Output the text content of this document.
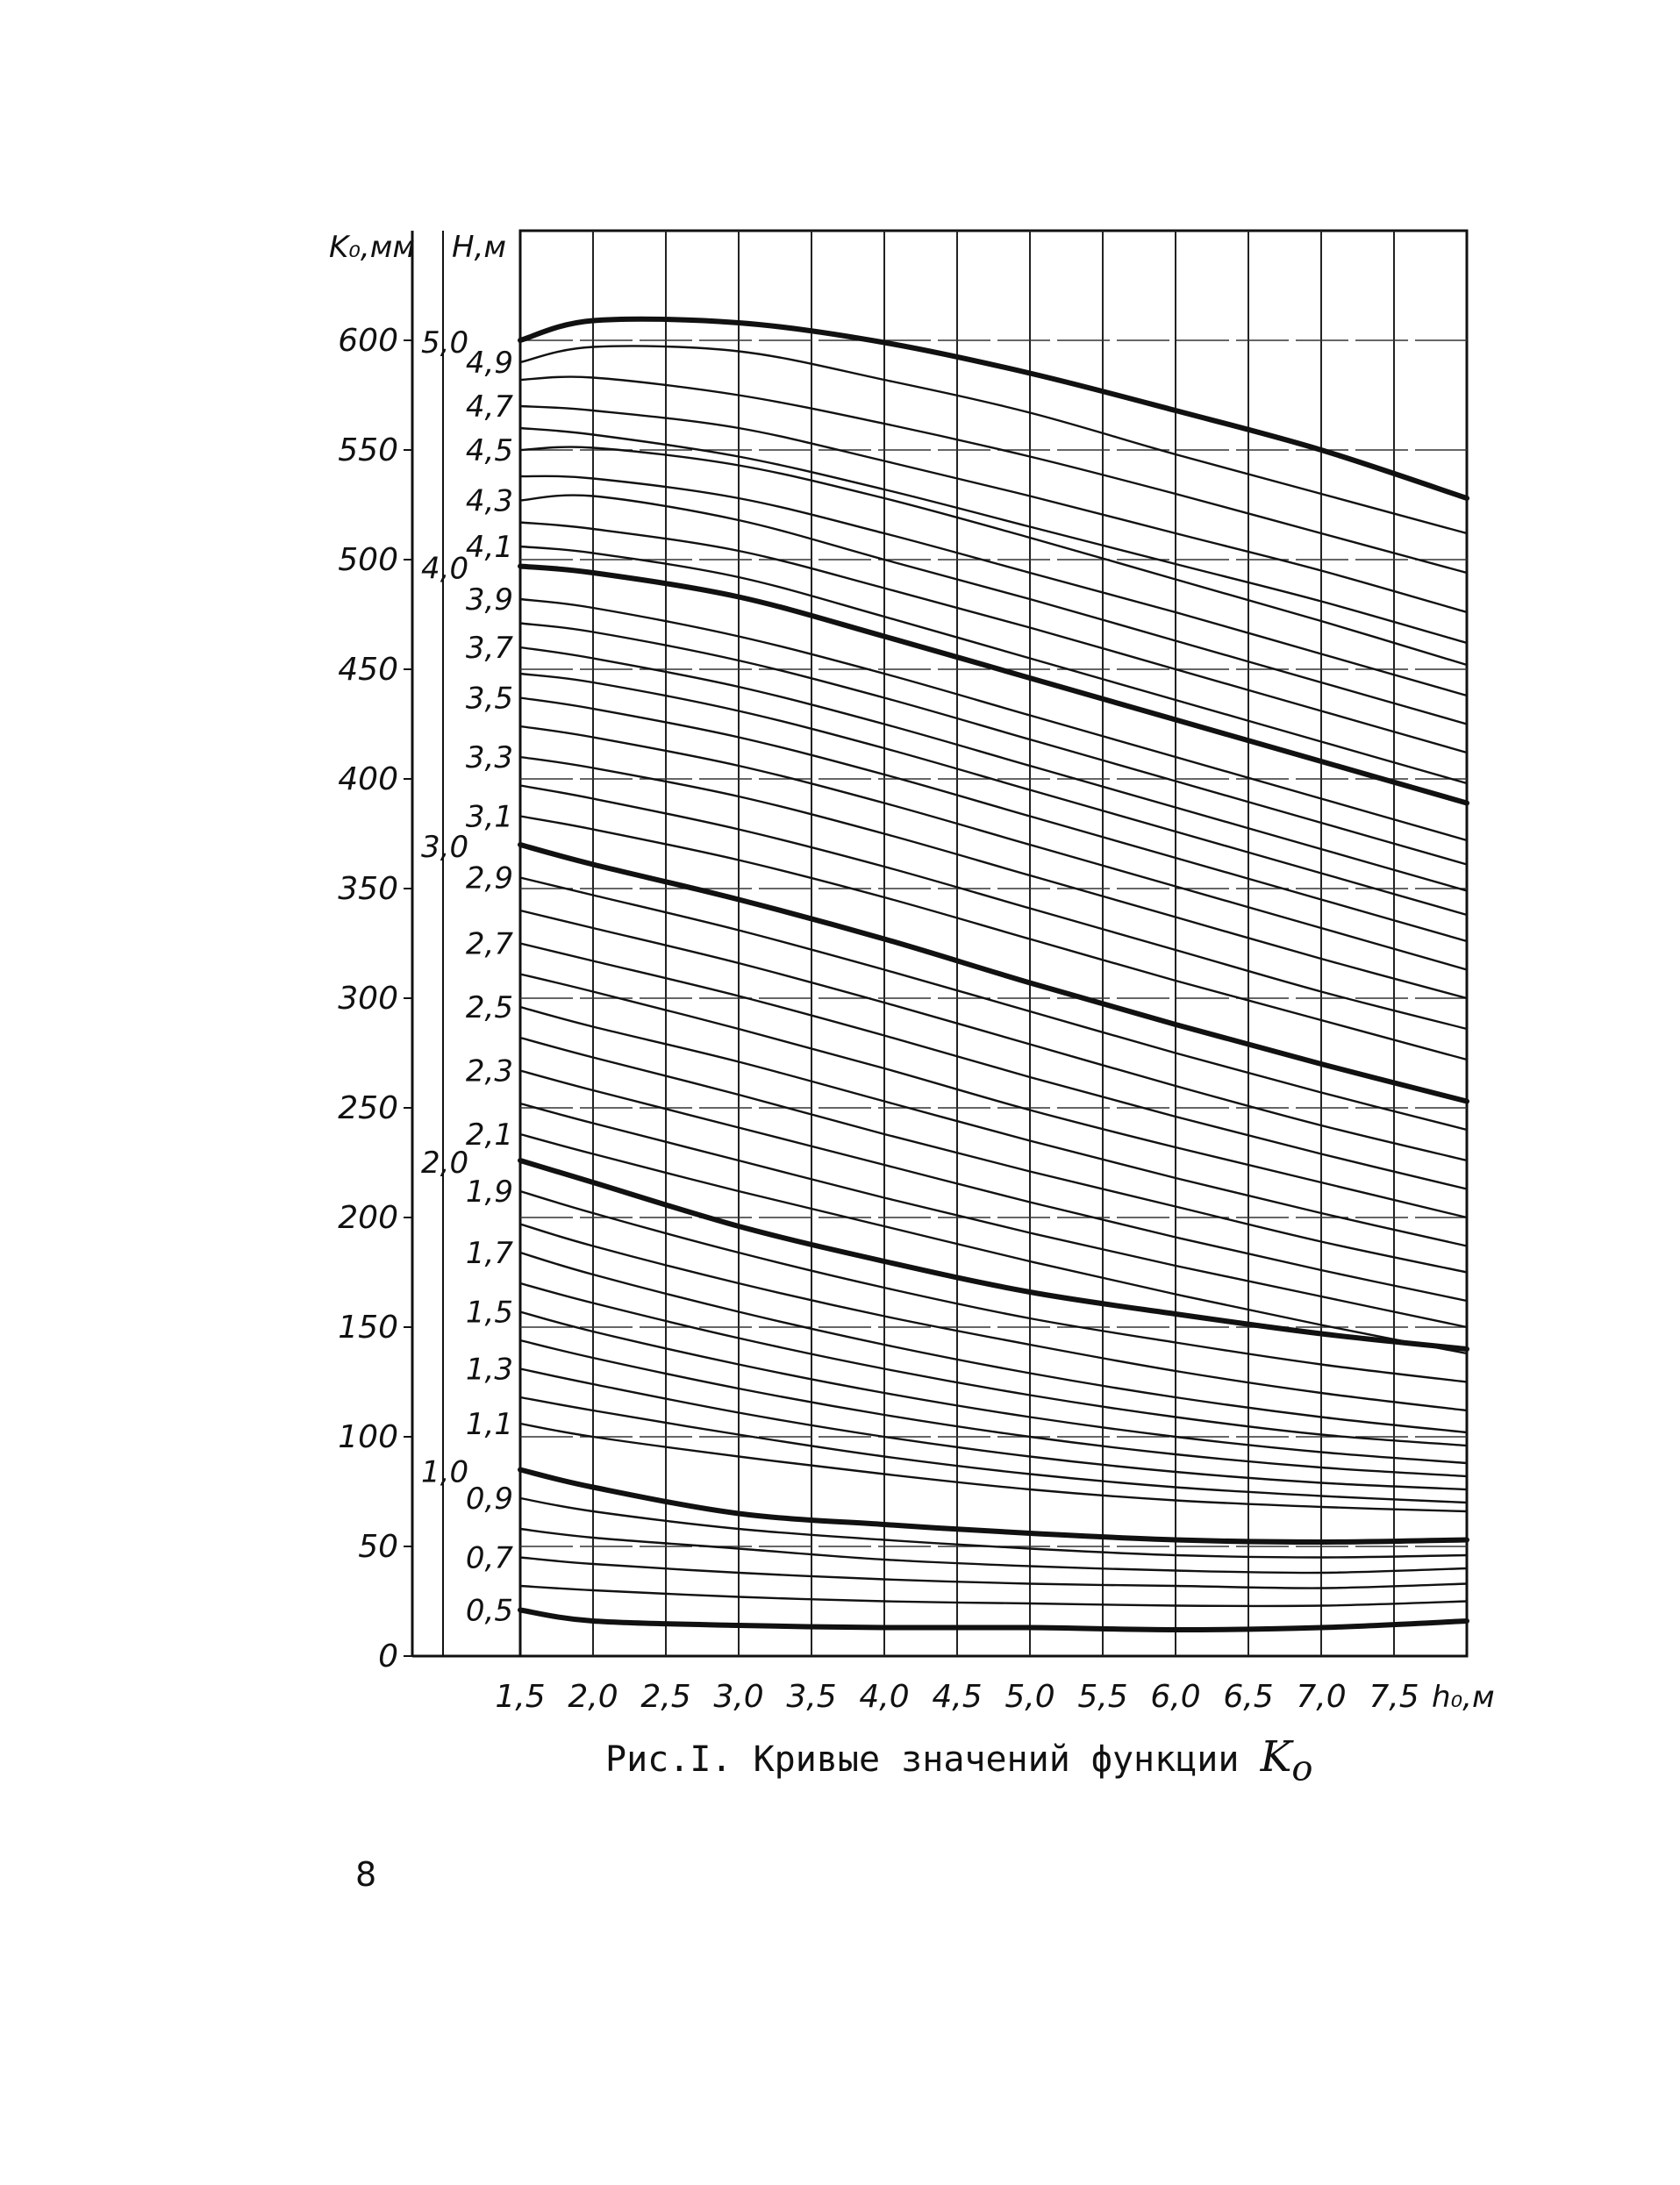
5,0
4,9
4,7
4,5
4,3
4,1
4,0
3,9
3,7
3,5
3,3
3,1
3,0
2,9
2,7
2,5
2,3
2,1
2,0
1,9
1,7
1,5
1,3
1,1
1,0
0,9
0,7
0,5
0
50
100
150
200
250
300
350
400
450
500
550
600
1,5 2,0 2,5 3,0 3,5 4,0 4,5 5,0 5,5 6,0 6,5 7,0 7,5
K₀,мм H,м
h₀,м
Рис.I. Кривые значений функции $K_o$
8
